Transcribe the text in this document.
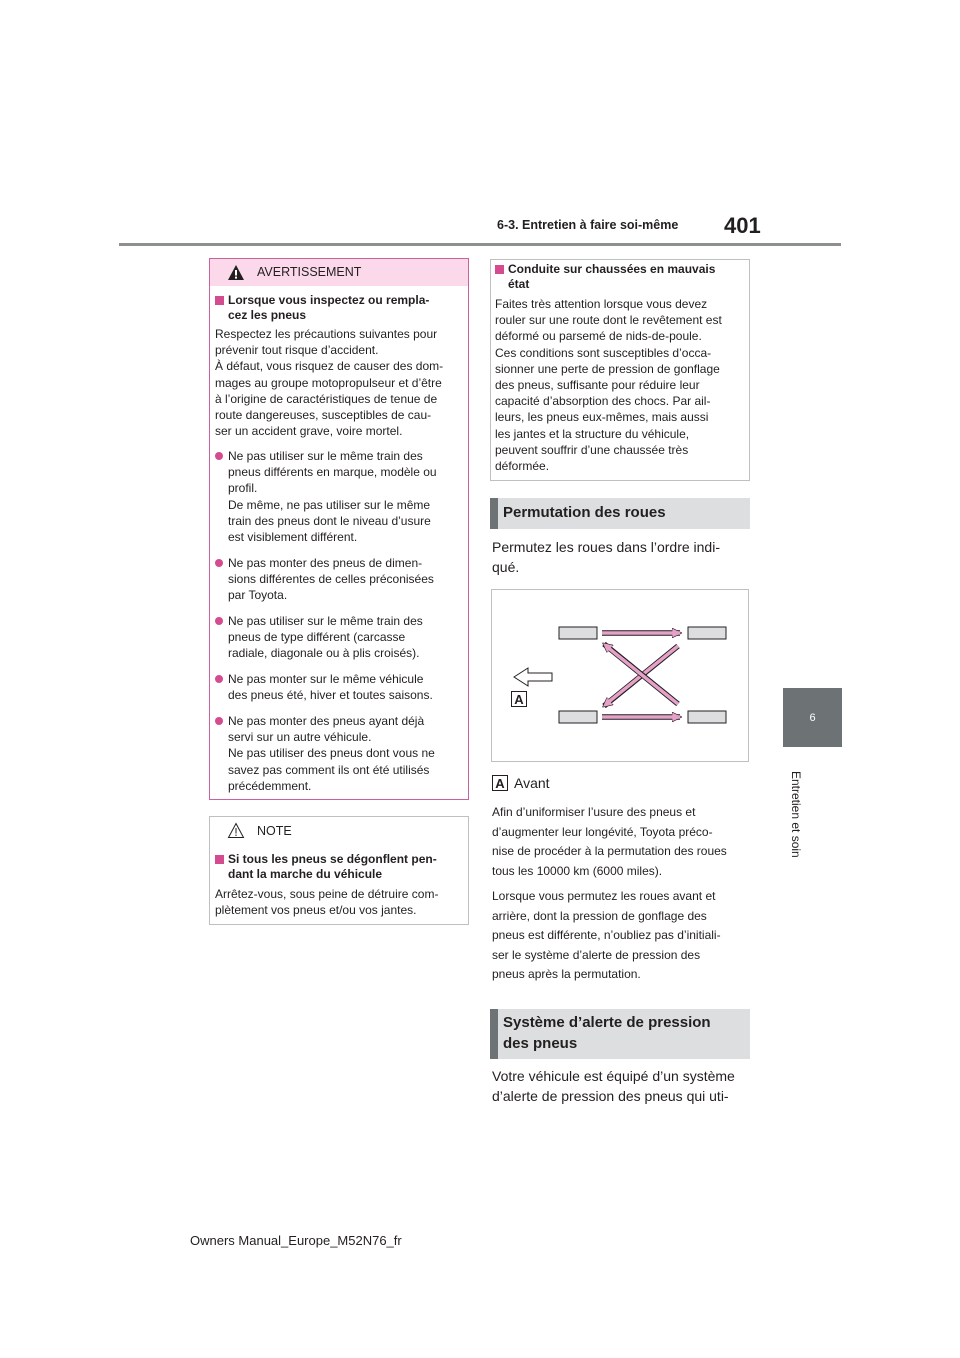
6-3. Entretien à faire soi-même 401
6
Entretien et soin
AVERTISSEMENT
Lorsque vous inspectez ou rempla-
cez les pneus
Respectez les précautions suivantes pour
prévenir tout risque d’accident.
À défaut, vous risquez de causer des dom-
mages au groupe motopropulseur et d’être
à l’origine de caractéristiques de tenue de
route dangereuses, susceptibles de cau-
ser un accident grave, voire mortel.
Ne pas utiliser sur le même train des
pneus différents en marque, modèle ou
profil.
De même, ne pas utiliser sur le même
train des pneus dont le niveau d’usure
est visiblement différent.
Ne pas monter des pneus de dimen-
sions différentes de celles préconisées
par Toyota.
Ne pas utiliser sur le même train des
pneus de type différent (carcasse
radiale, diagonale ou à plis croisés).
Ne pas monter sur le même véhicule
des pneus été, hiver et toutes saisons.
Ne pas monter des pneus ayant déjà
servi sur un autre véhicule.
Ne pas utiliser des pneus dont vous ne
savez pas comment ils ont été utilisés
précédemment.
NOTE
Si tous les pneus se dégonflent pen-
dant la marche du véhicule
Arrêtez-vous, sous peine de détruire com-
plètement vos pneus et/ou vos jantes.
Conduite sur chaussées en mauvais
état
Faites très attention lorsque vous devez
rouler sur une route dont le revêtement est
déformé ou parsemé de nids-de-poule.
Ces conditions sont susceptibles d’occa-
sionner une perte de pression de gonflage
des pneus, suffisante pour réduire leur
capacité d’absorption des chocs. Par ail-
leurs, les pneus eux-mêmes, mais aussi
les jantes et la structure du véhicule,
peuvent souffrir d’une chaussée très
déformée.
Permutation des roues
Permutez les roues dans l’ordre indi-
qué.
A
A Avant
Afin d’uniformiser l’usure des pneus et
d’augmenter leur longévité, Toyota préco-
nise de procéder à la permutation des roues
tous les 10000 km (6000 miles).
Lorsque vous permutez les roues avant et
arrière, dont la pression de gonflage des
pneus est différente, n’oubliez pas d’initiali-
ser le système d’alerte de pression des
pneus après la permutation.
Système d’alerte de pression
des pneus
Votre véhicule est équipé d’un système
d’alerte de pression des pneus qui uti-
Owners Manual_Europe_M52N76_fr
